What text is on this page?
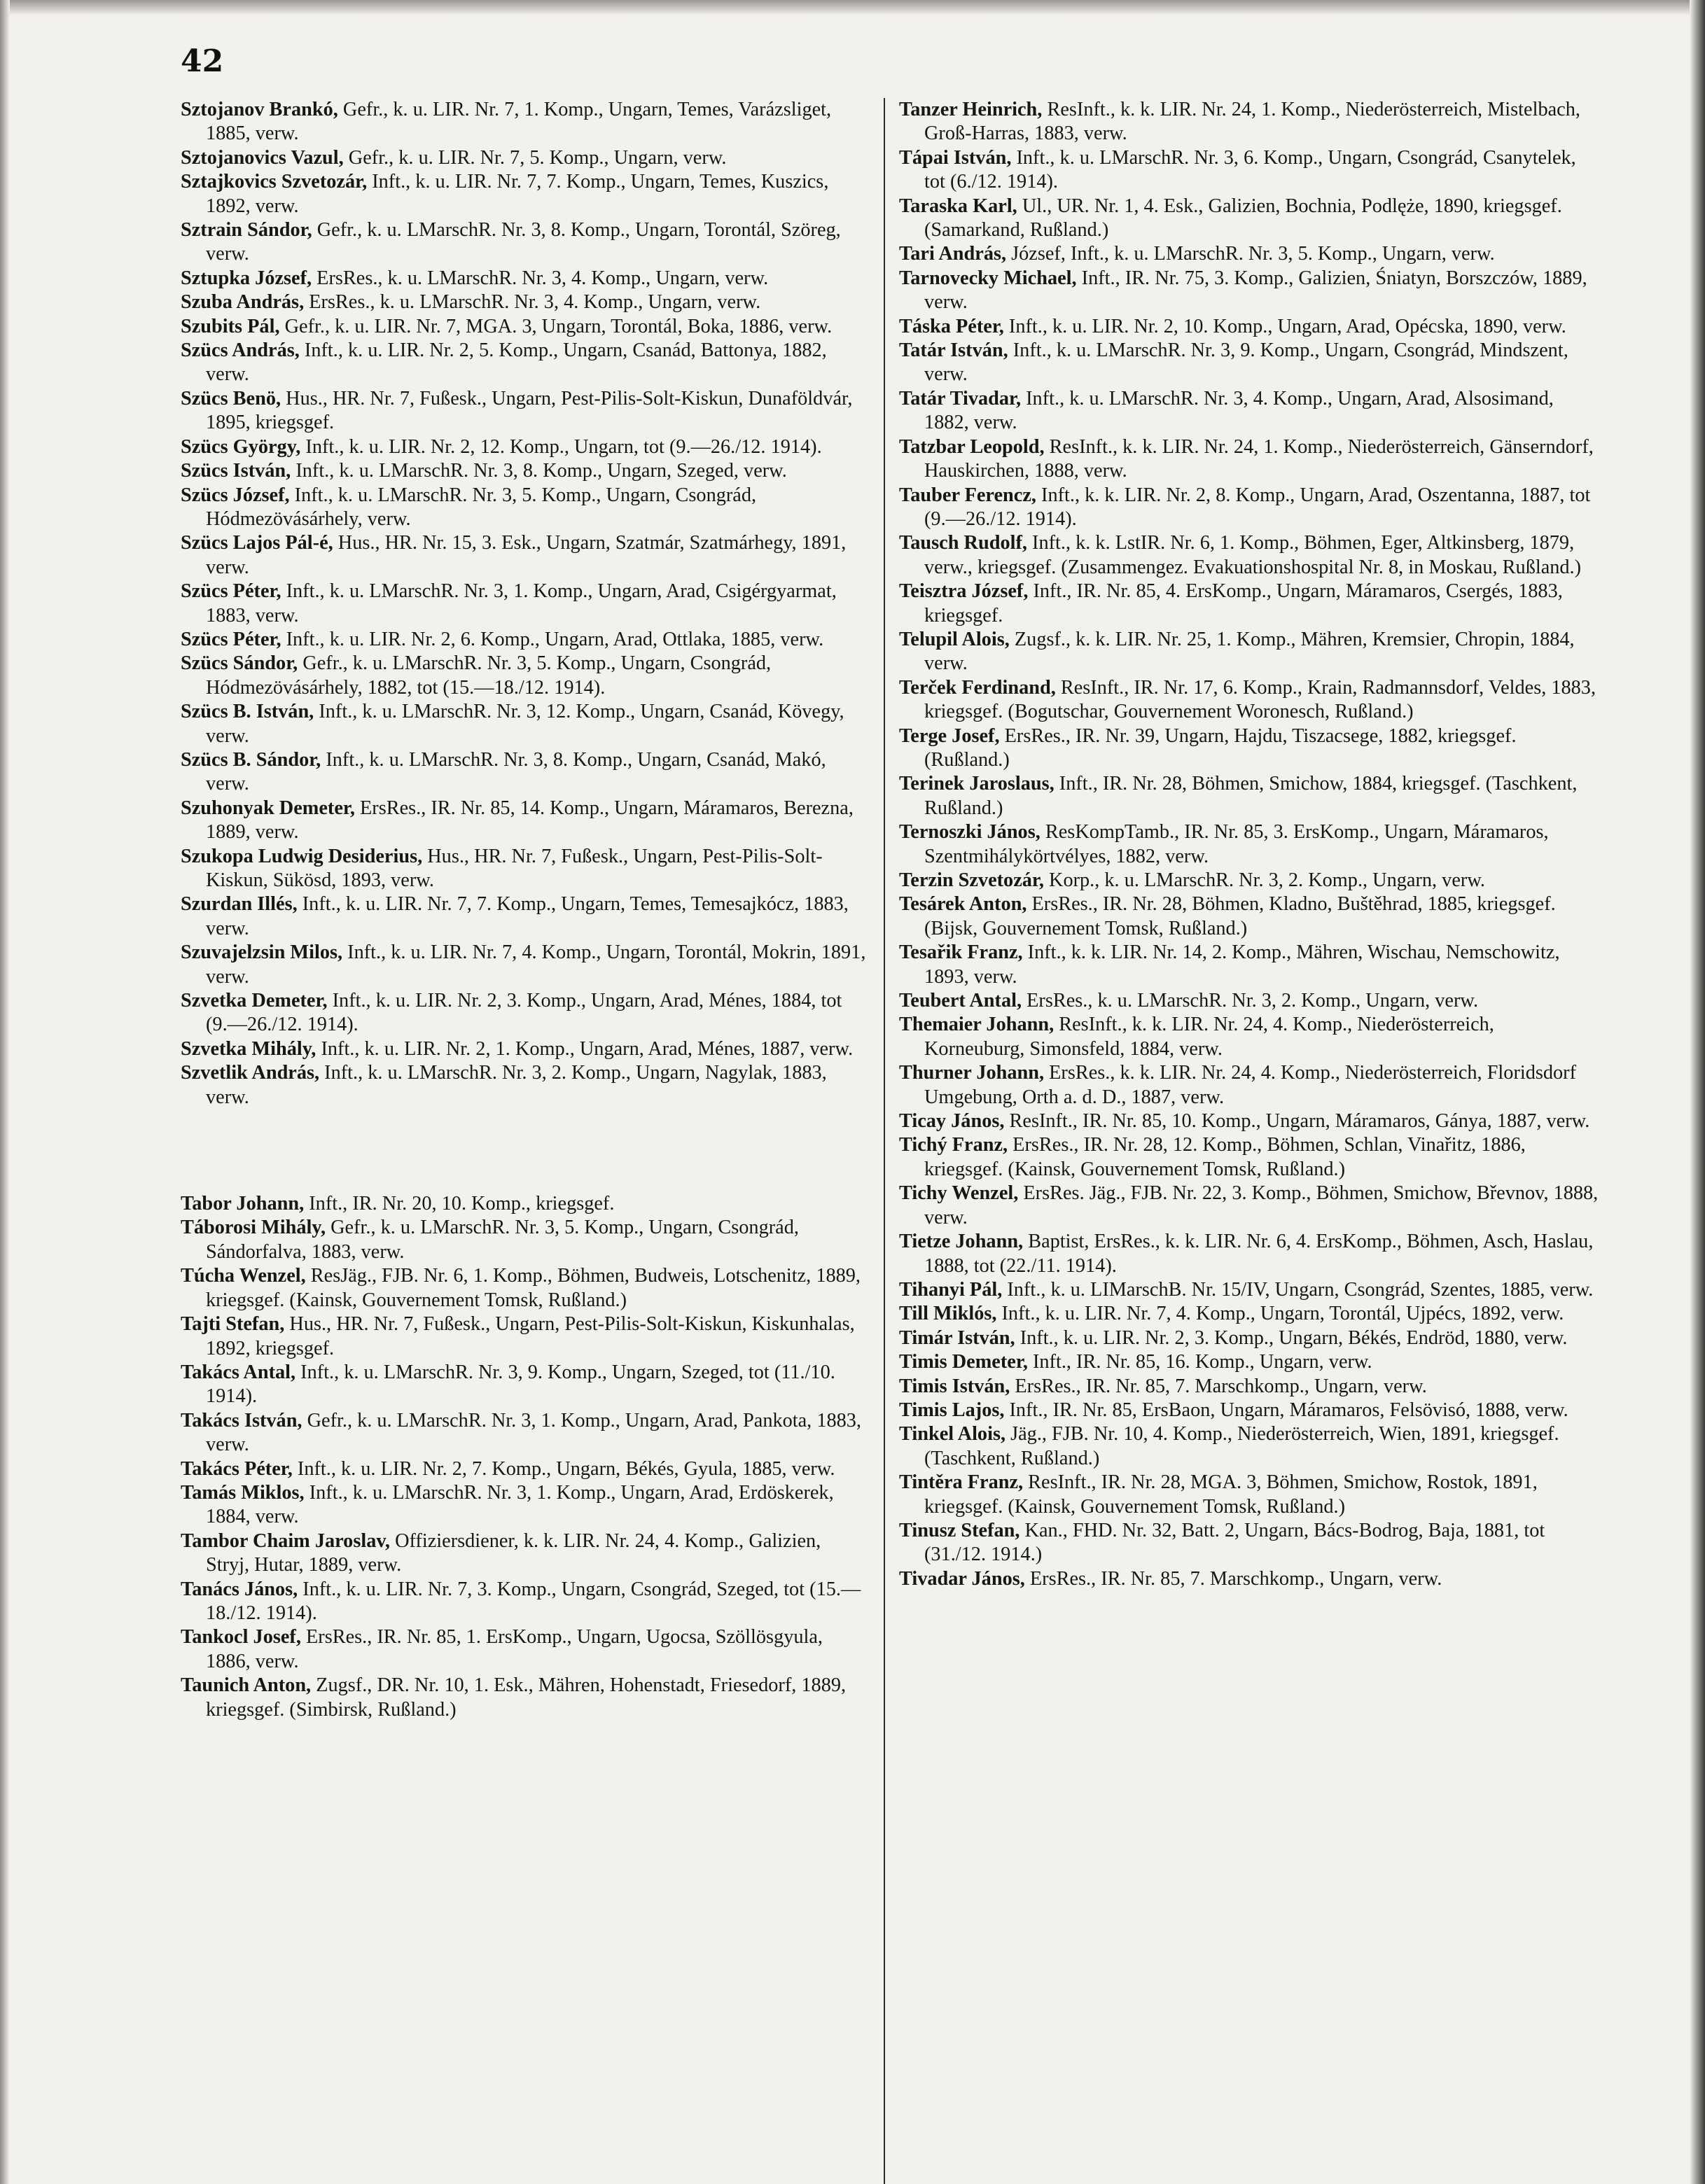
42
Sztojanov Brankó, Gefr., k. u. LIR. Nr. 7, 1. Komp., Ungarn, Temes, Varázsliget, 1885, verw.
Sztojanovics Vazul, Gefr., k. u. LIR. Nr. 7, 5. Komp., Ungarn, verw.
Sztajkovics Szvetozár, Inft., k. u. LIR. Nr. 7, 7. Komp., Ungarn, Temes, Kuszics, 1892, verw.
Sztrain Sándor, Gefr., k. u. LMarschR. Nr. 3, 8. Komp., Ungarn, Torontál, Szöreg, verw.
Sztupka József, ErsRes., k. u. LMarschR. Nr. 3, 4. Komp., Ungarn, verw.
Szuba András, ErsRes., k. u. LMarschR. Nr. 3, 4. Komp., Ungarn, verw.
Szubits Pál, Gefr., k. u. LIR. Nr. 7, MGA. 3, Ungarn, Torontál, Boka, 1886, verw.
Szücs András, Inft., k. u. LIR. Nr. 2, 5. Komp., Ungarn, Csanád, Battonya, 1882, verw.
Szücs Benö, Hus., HR. Nr. 7, Fußesk., Ungarn, Pest-Pilis-Solt-Kiskun, Dunaföldvár, 1895, kriegsgef.
Szücs György, Inft., k. u. LIR. Nr. 2, 12. Komp., Ungarn, tot (9.—26./12. 1914).
Szücs István, Inft., k. u. LMarschR. Nr. 3, 8. Komp., Ungarn, Szeged, verw.
Szücs József, Inft., k. u. LMarschR. Nr. 3, 5. Komp., Ungarn, Csongrád, Hódmezövásárhely, verw.
Szücs Lajos Pál-é, Hus., HR. Nr. 15, 3. Esk., Ungarn, Szatmár, Szatmárhegy, 1891, verw.
Szücs Péter, Inft., k. u. LMarschR. Nr. 3, 1. Komp., Ungarn, Arad, Csigérgyarmat, 1883, verw.
Szücs Péter, Inft., k. u. LIR. Nr. 2, 6. Komp., Ungarn, Arad, Ottlaka, 1885, verw.
Szücs Sándor, Gefr., k. u. LMarschR. Nr. 3, 5. Komp., Ungarn, Csongrád, Hódmezövásárhely, 1882, tot (15.—18./12. 1914).
Szücs B. István, Inft., k. u. LMarschR. Nr. 3, 12. Komp., Ungarn, Csanád, Kövegy, verw.
Szücs B. Sándor, Inft., k. u. LMarschR. Nr. 3, 8. Komp., Ungarn, Csanád, Makó, verw.
Szuhonyak Demeter, ErsRes., IR. Nr. 85, 14. Komp., Ungarn, Máramaros, Berezna, 1889, verw.
Szukopa Ludwig Desiderius, Hus., HR. Nr. 7, Fußesk., Ungarn, Pest-Pilis-Solt-Kiskun, Sükösd, 1893, verw.
Szurdan Illés, Inft., k. u. LIR. Nr. 7, 7. Komp., Ungarn, Temes, Temesajkócz, 1883, verw.
Szuvajelzsin Milos, Inft., k. u. LIR. Nr. 7, 4. Komp., Ungarn, Torontál, Mokrin, 1891, verw.
Szvetka Demeter, Inft., k. u. LIR. Nr. 2, 3. Komp., Ungarn, Arad, Ménes, 1884, tot (9.—26./12. 1914).
Szvetka Mihály, Inft., k. u. LIR. Nr. 2, 1. Komp., Ungarn, Arad, Ménes, 1887, verw.
Szvetlik András, Inft., k. u. LMarschR. Nr. 3, 2. Komp., Ungarn, Nagylak, 1883, verw.
Tabor Johann, Inft., IR. Nr. 20, 10. Komp., kriegsgef.
Táborosi Mihály, Gefr., k. u. LMarschR. Nr. 3, 5. Komp., Ungarn, Csongrád, Sándorfalva, 1883, verw.
Túcha Wenzel, ResJäg., FJB. Nr. 6, 1. Komp., Böhmen, Budweis, Lotschenitz, 1889, kriegsgef. (Kainsk, Gouvernement Tomsk, Rußland.)
Tajti Stefan, Hus., HR. Nr. 7, Fußesk., Ungarn, Pest-Pilis-Solt-Kiskun, Kiskunhalas, 1892, kriegsgef.
Takács Antal, Inft., k. u. LMarschR. Nr. 3, 9. Komp., Ungarn, Szeged, tot (11./10. 1914).
Takács István, Gefr., k. u. LMarschR. Nr. 3, 1. Komp., Ungarn, Arad, Pankota, 1883, verw.
Takács Péter, Inft., k. u. LIR. Nr. 2, 7. Komp., Ungarn, Békés, Gyula, 1885, verw.
Tamás Miklos, Inft., k. u. LMarschR. Nr. 3, 1. Komp., Ungarn, Arad, Erdöskerek, 1884, verw.
Tambor Chaim Jaroslav, Offiziersdiener, k. k. LIR. Nr. 24, 4. Komp., Galizien, Stryj, Hutar, 1889, verw.
Tanács János, Inft., k. u. LIR. Nr. 7, 3. Komp., Ungarn, Csongrád, Szeged, tot (15.—18./12. 1914).
Tankocl Josef, ErsRes., IR. Nr. 85, 1. ErsKomp., Ungarn, Ugocsa, Szöllösgyula, 1886, verw.
Taunich Anton, Zugsf., DR. Nr. 10, 1. Esk., Mähren, Hohenstadt, Friesedorf, 1889, kriegsgef. (Simbirsk, Rußland.)
Tanzer Heinrich, ResInft., k. k. LIR. Nr. 24, 1. Komp., Niederösterreich, Mistelbach, Groß-Harras, 1883, verw.
Tápai István, Inft., k. u. LMarschR. Nr. 3, 6. Komp., Ungarn, Csongrád, Csanytelek, tot (6./12. 1914).
Taraska Karl, Ul., UR. Nr. 1, 4. Esk., Galizien, Bochnia, Podlęże, 1890, kriegsgef. (Samarkand, Rußland.)
Tari András, József, Inft., k. u. LMarschR. Nr. 3, 5. Komp., Ungarn, verw.
Tarnovecky Michael, Inft., IR. Nr. 75, 3. Komp., Galizien, Śniatyn, Borszczów, 1889, verw.
Táska Péter, Inft., k. u. LIR. Nr. 2, 10. Komp., Ungarn, Arad, Opécska, 1890, verw.
Tatár István, Inft., k. u. LMarschR. Nr. 3, 9. Komp., Ungarn, Csongrád, Mindszent, verw.
Tatár Tivadar, Inft., k. u. LMarschR. Nr. 3, 4. Komp., Ungarn, Arad, Alsosimand, 1882, verw.
Tatzbar Leopold, ResInft., k. k. LIR. Nr. 24, 1. Komp., Niederösterreich, Gänserndorf, Hauskirchen, 1888, verw.
Tauber Ferencz, Inft., k. k. LIR. Nr. 2, 8. Komp., Ungarn, Arad, Oszentanna, 1887, tot (9.—26./12. 1914).
Tausch Rudolf, Inft., k. k. LstIR. Nr. 6, 1. Komp., Böhmen, Eger, Altkinsberg, 1879, verw., kriegsgef. (Zusammengez. Evakuationshospital Nr. 8, in Moskau, Rußland.)
Teisztra József, Inft., IR. Nr. 85, 4. ErsKomp., Ungarn, Máramaros, Csergés, 1883, kriegsgef.
Telupil Alois, Zugsf., k. k. LIR. Nr. 25, 1. Komp., Mähren, Kremsier, Chropin, 1884, verw.
Terček Ferdinand, ResInft., IR. Nr. 17, 6. Komp., Krain, Radmannsdorf, Veldes, 1883, kriegsgef. (Bogutschar, Gouvernement Woronesch, Rußland.)
Terge Josef, ErsRes., IR. Nr. 39, Ungarn, Hajdu, Tiszacsege, 1882, kriegsgef. (Rußland.)
Terinek Jaroslaus, Inft., IR. Nr. 28, Böhmen, Smichow, 1884, kriegsgef. (Taschkent, Rußland.)
Ternoszki János, ResKompTamb., IR. Nr. 85, 3. ErsKomp., Ungarn, Máramaros, Szentmihálykörtvélyes, 1882, verw.
Terzin Szvetozár, Korp., k. u. LMarschR. Nr. 3, 2. Komp., Ungarn, verw.
Tesárek Anton, ErsRes., IR. Nr. 28, Böhmen, Kladno, Buštěhrad, 1885, kriegsgef. (Bijsk, Gouvernement Tomsk, Rußland.)
Tesařik Franz, Inft., k. k. LIR. Nr. 14, 2. Komp., Mähren, Wischau, Nemschowitz, 1893, verw.
Teubert Antal, ErsRes., k. u. LMarschR. Nr. 3, 2. Komp., Ungarn, verw.
Themaier Johann, ResInft., k. k. LIR. Nr. 24, 4. Komp., Niederösterreich, Korneuburg, Simonsfeld, 1884, verw.
Thurner Johann, ErsRes., k. k. LIR. Nr. 24, 4. Komp., Niederösterreich, Floridsdorf Umgebung, Orth a. d. D., 1887, verw.
Ticay János, ResInft., IR. Nr. 85, 10. Komp., Ungarn, Máramaros, Gánya, 1887, verw.
Tichý Franz, ErsRes., IR. Nr. 28, 12. Komp., Böhmen, Schlan, Vinařitz, 1886, kriegsgef. (Kainsk, Gouvernement Tomsk, Rußland.)
Tichy Wenzel, ErsRes. Jäg., FJB. Nr. 22, 3. Komp., Böhmen, Smichow, Břevnov, 1888, verw.
Tietze Johann, Baptist, ErsRes., k. k. LIR. Nr. 6, 4. ErsKomp., Böhmen, Asch, Haslau, 1888, tot (22./11. 1914).
Tihanyi Pál, Inft., k. u. LIMarschB. Nr. 15/IV, Ungarn, Csongrád, Szentes, 1885, verw.
Till Miklós, Inft., k. u. LIR. Nr. 7, 4. Komp., Ungarn, Torontál, Ujpécs, 1892, verw.
Timár István, Inft., k. u. LIR. Nr. 2, 3. Komp., Ungarn, Békés, Endröd, 1880, verw.
Timis Demeter, Inft., IR. Nr. 85, 16. Komp., Ungarn, verw.
Timis István, ErsRes., IR. Nr. 85, 7. Marschkomp., Ungarn, verw.
Timis Lajos, Inft., IR. Nr. 85, ErsBaon, Ungarn, Máramaros, Felsövisó, 1888, verw.
Tinkel Alois, Jäg., FJB. Nr. 10, 4. Komp., Niederösterreich, Wien, 1891, kriegsgef. (Taschkent, Rußland.)
Tintěra Franz, ResInft., IR. Nr. 28, MGA. 3, Böhmen, Smichow, Rostok, 1891, kriegsgef. (Kainsk, Gouvernement Tomsk, Rußland.)
Tinusz Stefan, Kan., FHD. Nr. 32, Batt. 2, Ungarn, Bács-Bodrog, Baja, 1881, tot (31./12. 1914.)
Tivadar János, ErsRes., IR. Nr. 85, 7. Marschkomp., Ungarn, verw.
